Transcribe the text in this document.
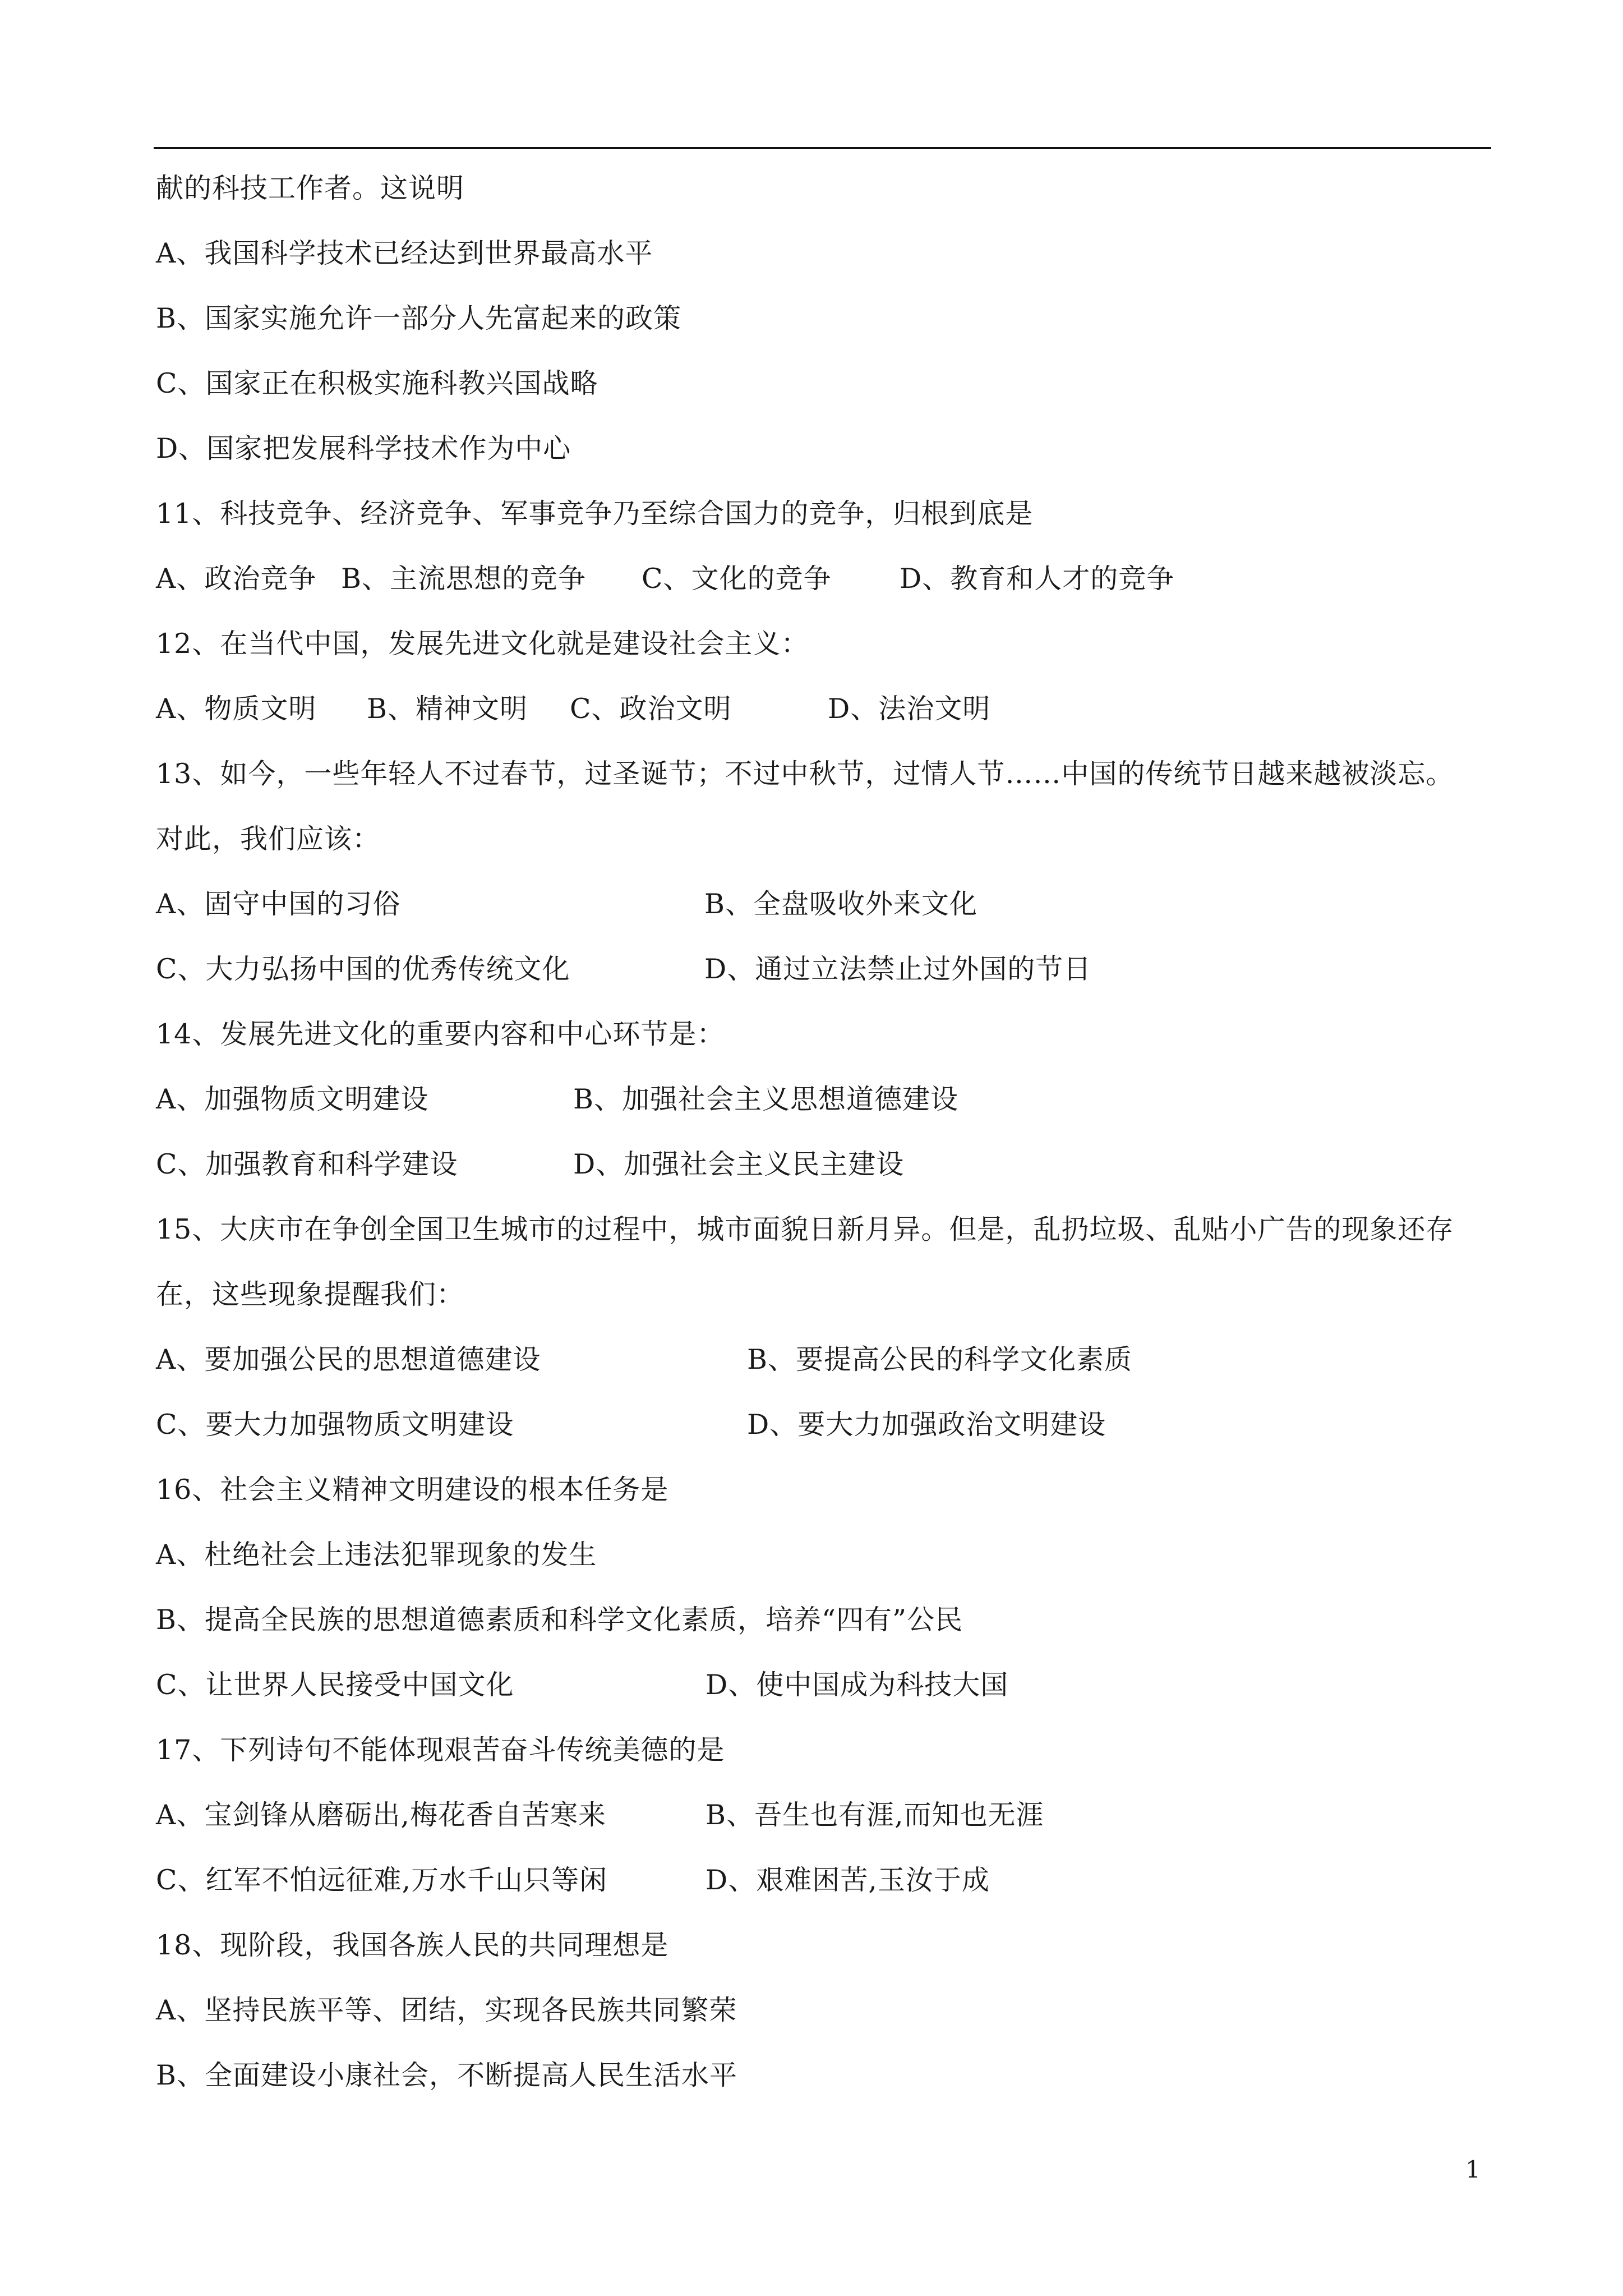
献的科技工作者。这说明
A、我国科学技术已经达到世界最高水平
B、国家实施允许一部分人先富起来的政策
C、国家正在积极实施科教兴国战略
D、国家把发展科学技术作为中心
11、科技竞争、经济竞争、军事竞争乃至综合国力的竞争，归根到底是
A、政治竞争 B、主流思想的竞争 C、文化的竞争 D、教育和人才的竞争
12、在当代中国，发展先进文化就是建设社会主义：
A、物质文明 B、精神文明 C、政治文明	D、法治文明
13、如今，一些年轻人不过春节，过圣诞节；不过中秋节，过情人节……中国的传统节日越来越被淡忘。
对此，我们应该：
A、固守中国的习俗	B、全盘吸收外来文化
C、大力弘扬中国的优秀传统文化	D、通过立法禁止过外国的节日
14、发展先进文化的重要内容和中心环节是：
A、加强物质文明建设	B、加强社会主义思想道德建设
C、加强教育和科学建设	D、加强社会主义民主建设
15、大庆市在争创全国卫生城市的过程中，城市面貌日新月异。但是，乱扔垃圾、乱贴小广告的现象还存
在，这些现象提醒我们：
A、要加强公民的思想道德建设	B、要提高公民的科学文化素质
C、要大力加强物质文明建设	D、要大力加强政治文明建设
16、社会主义精神文明建设的根本任务是
A、杜绝社会上违法犯罪现象的发生
B、提高全民族的思想道德素质和科学文化素质，培养“四有”公民
C、让世界人民接受中国文化	D、使中国成为科技大国
17、下列诗句不能体现艰苦奋斗传统美德的是
A、宝剑锋从磨砺出,梅花香自苦寒来	B、吾生也有涯,而知也无涯
C、红军不怕远征难,万水千山只等闲	D、艰难困苦,玉汝于成
18、现阶段，我国各族人民的共同理想是
A、坚持民族平等、团结，实现各民族共同繁荣
B、全面建设小康社会，不断提高人民生活水平
1
